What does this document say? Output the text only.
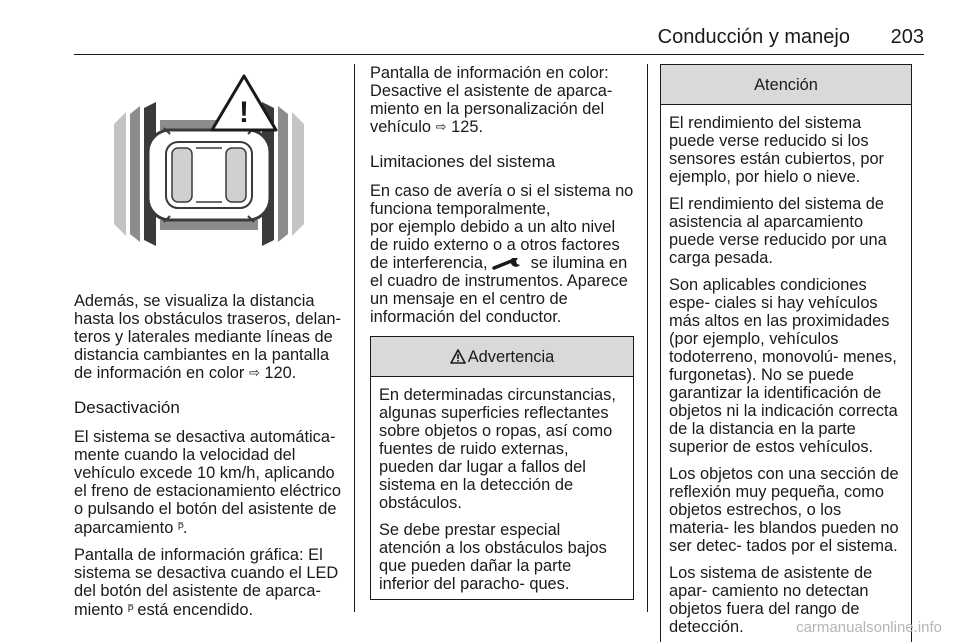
Conducción y manejo 203
!

Además, se visualiza la distancia hasta los obstáculos traseros, delan- teros y laterales mediante líneas de distancia cambiantes en la pantalla de información en color ⇨ 120.

Desactivación

El sistema se desactiva automática- mente cuando la velocidad del vehículo excede 10 km/h, aplicando el freno de estacionamiento eléctrico o pulsando el botón del asistente de aparcamiento P̅.

Pantalla de información gráfica: El sistema se desactiva cuando el LED del botón del asistente de aparca- miento P̅ está encendido.

Pantalla de información en color: Desactive el asistente de aparca- miento en la personalización del vehículo ⇨ 125.

Limitaciones del sistema

En caso de avería o si el sistema no funciona temporalmente,

por ejemplo debido a un alto nivel de ruido externo o a otros factores de interferencia,	se ilumina en el cuadro de instrumentos. Aparece un mensaje en el centro de información del conductor.

Advertencia

En determinadas circunstancias, algunas superficies reflectantes sobre objetos o ropas, así como fuentes de ruido externas, pueden dar lugar a fallos del sistema en la detección de obstáculos.

Se debe prestar especial atención a los obstáculos bajos que pueden dañar la parte inferior del paracho- ques.

Atención

El rendimiento del sistema puede verse reducido si los sensores están cubiertos, por ejemplo, por hielo o nieve.

El rendimiento del sistema de asistencia al aparcamiento puede verse reducido por una carga pesada.

Son aplicables condiciones espe- ciales si hay vehículos más altos en las proximidades (por ejemplo, vehículos todoterreno, monovolú- menes, furgonetas). No se puede garantizar la identificación de objetos ni la indicación correcta de la distancia en la parte superior de estos vehículos.

Los objetos con una sección de reflexión muy pequeña, como objetos estrechos, o los materia- les blandos pueden no ser detec- tados por el sistema.

Los sistema de asistente de apar- camiento no detectan objetos fuera del rango de detección.	carmanualsonline.info
